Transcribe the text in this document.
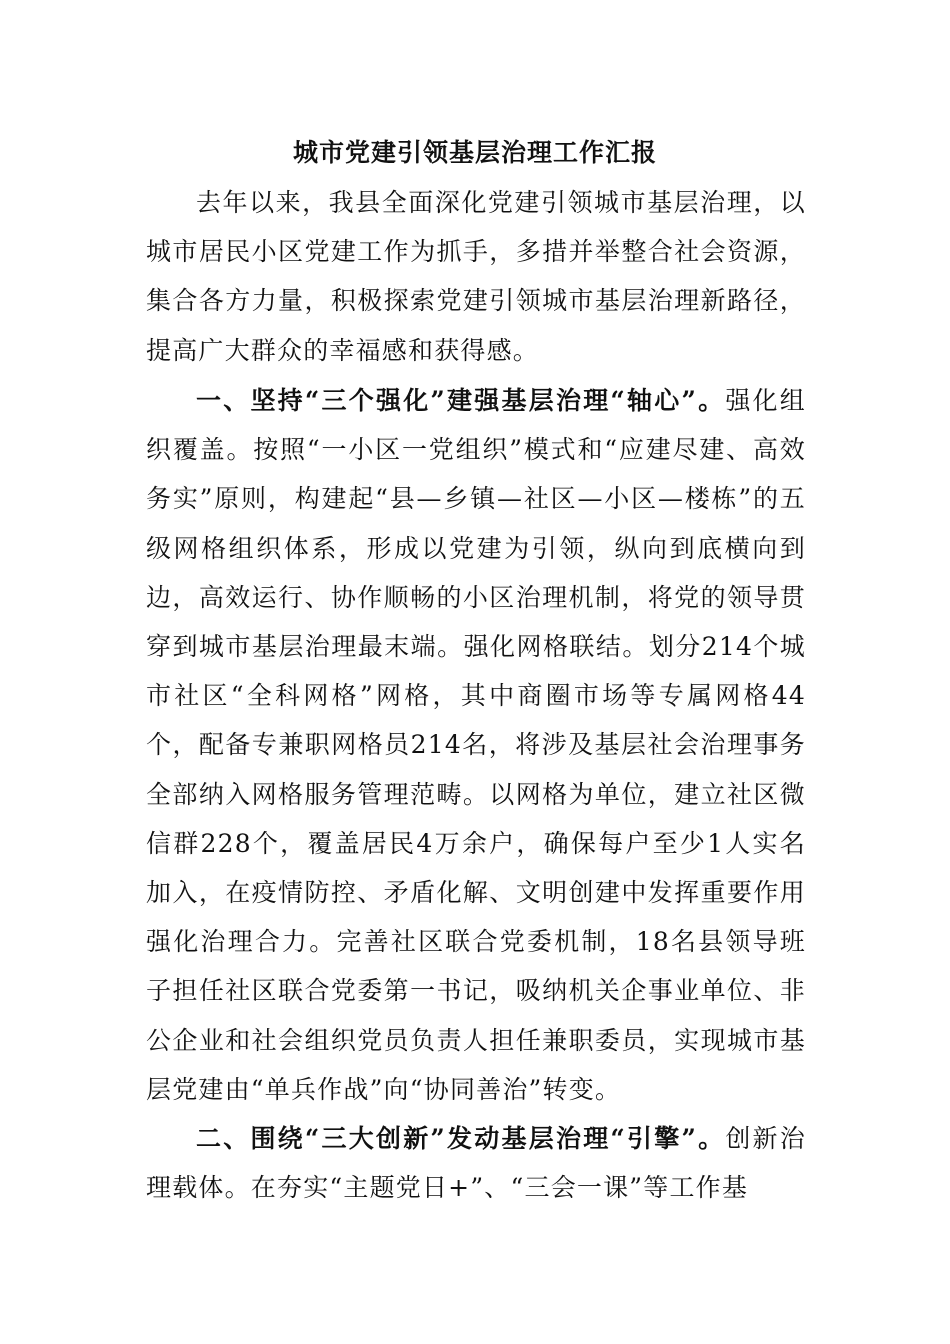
城市党建引领基层治理工作汇报

去年以来，我县全面深化党建引领城市基层治理，以城市居民小区党建工作为抓手，多措并举整合社会资源，集合各方力量，积极探索党建引领城市基层治理新路径，提高广大群众的幸福感和获得感。

一、坚持“三个强化”建强基层治理“轴心”。强化组织覆盖。按照“一小区一党组织”模式和“应建尽建、高效务实”原则，构建起“县—乡镇—社区—小区—楼栋”的五级网格组织体系，形成以党建为引领，纵向到底横向到边，高效运行、协作顺畅的小区治理机制，将党的领导贯穿到城市基层治理最末端。强化网格联结。划分214个城市社区“全科网格”网格，其中商圈市场等专属网格44个，配备专兼职网格员214名，将涉及基层社会治理事务全部纳入网格服务管理范畴。以网格为单位，建立社区微信群228个，覆盖居民4万余户，确保每户至少1人实名加入，在疫情防控、矛盾化解、文明创建中发挥重要作用强化治理合力。完善社区联合党委机制，18名县领导班子担任社区联合党委第一书记，吸纳机关企事业单位、非公企业和社会组织党员负责人担任兼职委员，实现城市基层党建由“单兵作战”向“协同善治”转变。

二、围绕“三大创新”发动基层治理“引擎”。创新治理载体。在夯实“主题党日+”、“三会一课”等工作基
